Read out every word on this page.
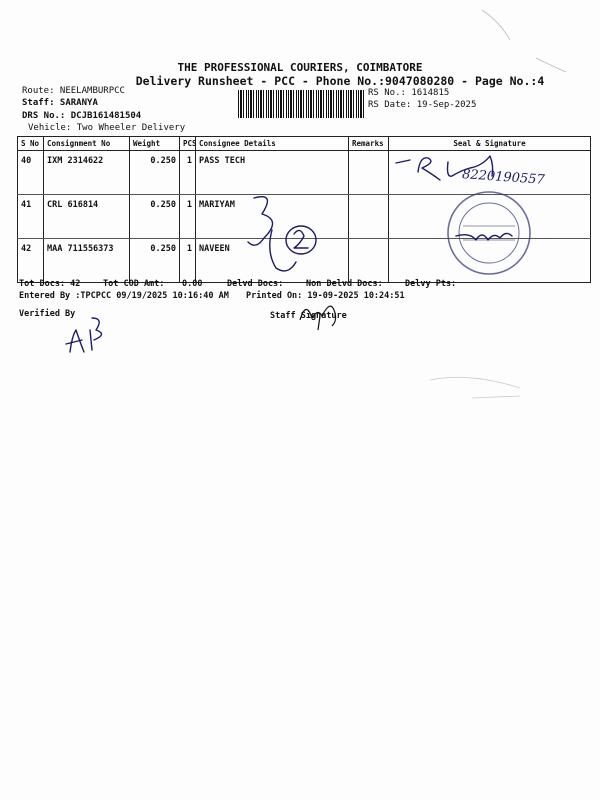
THE PROFESSIONAL COURIERS, COIMBATORE
Delivery Runsheet - PCC - Phone No.:9047080280 - Page No.:4
Route: NEELAMBURPCC
Staff: SARANYA
DRS No.: DCJB161481504
Vehicle: Two Wheeler Delivery
RS No.: 1614815
RS Date: 19-Sep-2025
S No	Consignment No	Weight	PCS	Consignee Details	Remarks	Seal & Signature
40	IXM 2314622	0.250	1	PASS TECH		
41	CRL 616814	0.250	1	MARIYAM		
42	MAA 711556373	0.250	1	NAVEEN		
Tot Docs: 42	Tot COD Amt: 0.00	Delvd Docs:	Non Delvd Docs:	Delvy Pts:
Entered By :TPCPCC 09/19/2025 10:16:40 AM Printed On: 19-09-2025 10:24:51
Verified By	Staff Signature
8220190557
